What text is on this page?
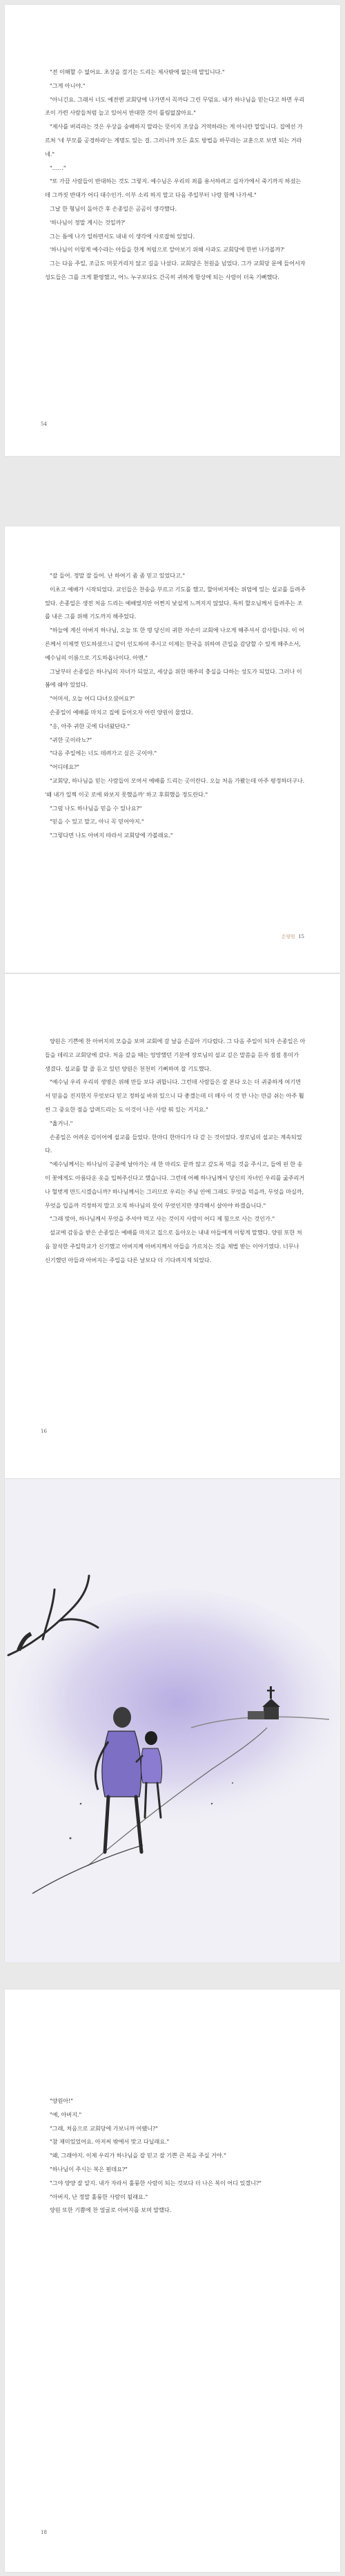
"전 이해할 수 없어요. 초상을 걸기는 드리는 제사밖에 없는데 말입니다."

"그게 아니야."

"아니긴요. 그래서 너도 예전엔 교회당에 나가면서 꼭까다 그린 무덤요. 내가 하나님을 믿는다고 하면 우리 조이 가련 사람들처럼 늘고 있어서 반대한 것이 틀림없잖아요."

"제사를 버리라는 것은 우상을 숭배하지 말라는 뜻이지 조상을 거역하라는 게 아니란 말입니다. 집에선 가르쳐 '네 부모를 공경하라'는 계명도 있는 걸. 그러니까 모든 효도 방법을 바꾸라는 교훈으로 보면 되는 거라네."

"……"

"또 가끔 사람들이 반대하는 것도 그렇지. 예수님은 우리의 죄를 용서하려고 십자가에서 죽기까지 하셨는데 그까짓 반대가 어디 대수인가. 이부 소리 하지 말고 다음 주일부터 나랑 함께 나가세."

그날 한 형님이 돌아간 후 손종일은 곰곰이 생각했다.

'하나님이 정말 계시는 것일까?'

그는 틈에 나가 일하면서도 내내 이 생각에 사로잡혀 있었다.

'하나님이 이렇게 예수라는 아들을 한계 처럼으로 앞아보기 위해 사과도 교회당에 한번 나가볼까?'

그는 다음 주일, 조금도 머뭇거리지 않고 길을 나섰다. 교회당은 천원을 넘었다. 그가 교회당 문에 들어서자 성도들은 그를 크게 환영했고, 어느 누구보다도 간곡히 귀하게 항상에 되는 사람이 더욱 기뻐했다.

54

"잘 들어. 정말 잘 들어. 난 하여기 좀 좀 믿고 있었다고."

이초고 예배가 시작되었다. 교인들은 찬송을 부르고 기도를 했고, 할아버지에는 위엄에 있는 설교를 들려주었다. 손종일은 생전 처음 드리는 예배였지만 어쩐지 낯설게 느껴지지 않았다. 특히 할오님께서 들려주는 조를 내온 그를 위해 기도까지 해주었다.

"하늘에 계신 아버지 하나님, 오늘 또 한 명 당신의 귀한 자손이 교회에 나오게 해주셔서 감사합니다. 이 어른께서 이제껏 민도하셨으니 같이 인도하여 주시고 이제는 한국을 위하여 큰일을 감당할 수 있게 해주소서, 예수님의 이름으로 기도하옵나이다. 아멘."

그날부터 손종일은 하나님의 자녀가 되었고, 세상을 위한 매주의 충실을 다하는 성도가 되었다. 그러나 이 봄에 쉐야 있었다.

"어머셔, 오늘 어디 다녀오셨어요?"

손종일이 예배를 마치고 집에 들어오자 어린 양원이 물었다.

"응, 아주 귀한 곳에 다녀왔단다."

"귀한 곳이라뇨?"

"다음 주일에는 너도 데려가고 싶은 곳이야."

"어디데요?"

"교회당, 하나님을 믿는 사람들이 모여서 예배를 드리는 곳이란다. 오늘 처음 가봤는데 아주 평정하더구나. '왜 내가 일찍 이곳 로에 와보지 못했을까' 하고 후회했을 정도란다."

"그럼 나도 하나님을 믿을 수 있나요?"

"믿을 수 있고 말고, 아니 꼭 믿어야지."

"그렇다면 나도 아버지 따라서 교회당에 가볼래요."

손양원 15

양원은 기쁜에 찬 아버지의 모습을 보며 교회에 갈 날을 손꼽아 기다렸다. 그 다음 주일이 되자 손종일은 아들을 데리고 교회당에 갔다. 처음 갔을 때는 엉망했던 기분에 장로님의 설교 깊은 말씀을 듣자 점점 흥미가 생겼다. 설교를 할 줄 듣고 있던 양원은 천천히 기뻐하며 잘 기도했다.

"예수님 우리 우리의 생명은 위해 만들 보다 귀합니다. 그런데 사람들은 잘 본다 오는 더 귀중하게 여기면서 믿음을 진지한지 무엇보다 믿고 정하실 바위 있으니 다 좋겠는데 더 매사 이 것 만 나는 만큼 쉬는 아주 훨씬 그 중요한 점을 알려드리는 도 이것이 나은 사람 뭐 있는 거지요."

"옳거니."

손종일은 어려운 김이어에 설교를 들었다. 한마디 한마디가 다 갚 는 것이었다. 장로님의 설교는 계속되었다.

"예수님께서는 하나님이 공중에 날아가는 새 한 마리도 끝까 않고 갚도록 먹을 것을 주시고, 들에 핀 한 송이 꽃에게도 아름다운 옷을 입혀주신다고 했습니다. 그런데 어째 하나님께서 당신의 자녀인 우리를 굶주리거나 헐벗게 만드시겠습니까? 하나님께서는 그러므로 우리는 주님 안에 그래도 무엇을 먹을까, 무엇을 마실까, 무엇을 입을까 걱정하지 말고 오직 하나님의 뜻이 무엇인지만 생각해서 살아야 하겠습니다."

"그래 맞아, 하나님께서 무엇을 주셔야 먹고 사는 것이지 사람이 어디 제 힘으로 사는 것인가."

설교에 감동을 받은 손종일은 예배를 마치고 집으로 돌아오는 내내 아들에게 이렇게 말했다. 양원 또한 처음 참석한 주일학교가 신기했고 아버지께 아버지께서 아들을 가르치는 것을 제법 받는 이야기였다. 너무나 신기했던 아들과 아버지는 주일을 다른 날보다 더 기다려지게 되었다.

16

"양원아!"

"예, 아버지."

"그래, 처음으로 교회당에 가보니까 어땠니?"

"참 재미있었어요. 아저씨 밖에서 맞고 다닐래요."

"왜, 그래야지. 이제 우리가 하나님을 잘 믿고 잘 기쁜 큰 복을 주실 거야."

"하나님이 주시는 복은 뭔데요?"

"그야 양양 잘 알지. 내가 자라서 훌륭한 사람이 되는 것보다 더 나은 복이 어디 있겠니?"

"아버지, 난 정말 훌륭한 사람이 될래요."

양원 또한 기쁨에 찬 얼굴로 아버지를 보며 말했다.

18
